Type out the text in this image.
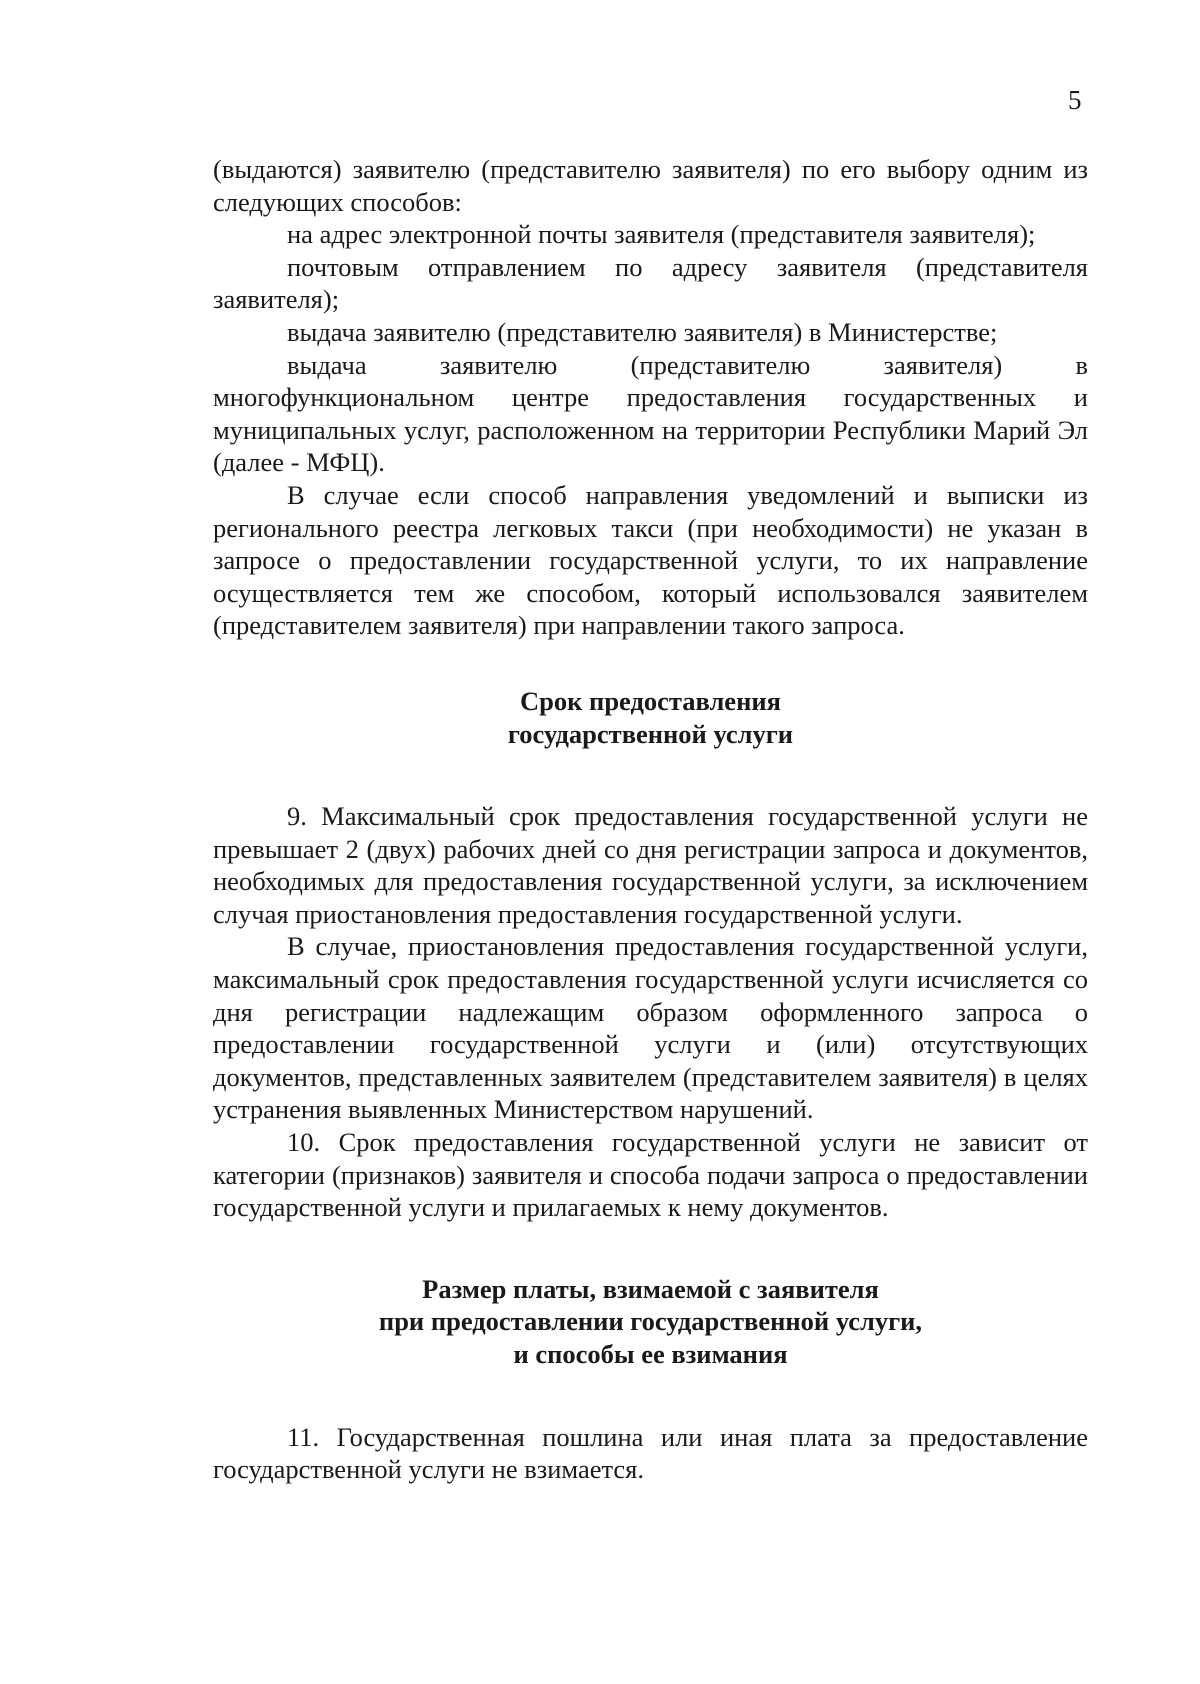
5

(выдаются) заявителю (представителю заявителя) по его выбору одним из следующих способов:

на адрес электронной почты заявителя (представителя заявителя);

почтовым отправлением по адресу заявителя (представителя заявителя);

выдача заявителю (представителю заявителя) в Министерстве;

выдача заявителю (представителю заявителя) в многофункциональном центре предоставления государственных и муниципальных услуг, расположенном на территории Республики Марий Эл (далее - МФЦ).

В случае если способ направления уведомлений и выписки из регионального реестра легковых такси (при необходимости) не указан в запросе о предоставлении государственной услуги, то их направление осуществляется тем же способом, который использовался заявителем (представителем заявителя) при направлении такого запроса.

Срок предоставления
государственной услуги

9. Максимальный срок предоставления государственной услуги не превышает 2 (двух) рабочих дней со дня регистрации запроса и документов, необходимых для предоставления государственной услуги, за исключением случая приостановления предоставления государственной услуги.

В случае, приостановления предоставления государственной услуги, максимальный срок предоставления государственной услуги исчисляется со дня регистрации надлежащим образом оформленного запроса о предоставлении государственной услуги и (или) отсутствующих документов, представленных заявителем (представителем заявителя) в целях устранения выявленных Министерством нарушений.

10. Срок предоставления государственной услуги не зависит от категории (признаков) заявителя и способа подачи запроса о предоставлении государственной услуги и прилагаемых к нему документов.

Размер платы, взимаемой с заявителя
при предоставлении государственной услуги,
и способы ее взимания

11. Государственная пошлина или иная плата за предоставление государственной услуги не взимается.
